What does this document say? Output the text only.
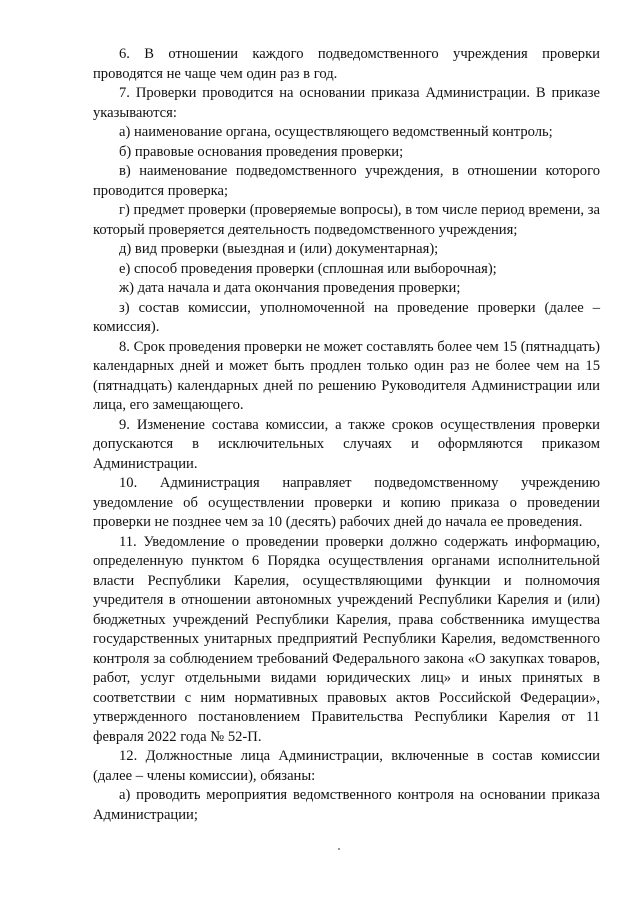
6. В отношении каждого подведомственного учреждения проверки проводятся не чаще чем один раз в год.

7. Проверки проводится на основании приказа Администрации. В приказе указываются:

а) наименование органа, осуществляющего ведомственный контроль;

б) правовые основания проведения проверки;

в) наименование подведомственного учреждения, в отношении которого проводится проверка;

г) предмет проверки (проверяемые вопросы), в том числе период времени, за который проверяется деятельность подведомственного учреждения;

д) вид проверки (выездная и (или) документарная);

е) способ проведения проверки (сплошная или выборочная);

ж) дата начала и дата окончания проведения проверки;

з) состав комиссии, уполномоченной на проведение проверки (далее – комиссия).

8. Срок проведения проверки не может составлять более чем 15 (пятнадцать) календарных дней и может быть продлен только один раз не более чем на 15 (пятнадцать) календарных дней по решению Руководителя Администрации или лица, его замещающего.

9. Изменение состава комиссии, а также сроков осуществления проверки допускаются в исключительных случаях и оформляются приказом Администрации.

10. Администрация направляет подведомственному учреждению уведомление об осуществлении проверки и копию приказа о проведении проверки не позднее чем за 10 (десять) рабочих дней до начала ее проведения.

11. Уведомление о проведении проверки должно содержать информацию, определенную пунктом 6 Порядка осуществления органами исполнительной власти Республики Карелия, осуществляющими функции и полномочия учредителя в отношении автономных учреждений Республики Карелия и (или) бюджетных учреждений Республики Карелия, права собственника имущества государственных унитарных предприятий Республики Карелия, ведомственного контроля за соблюдением требований Федерального закона «О закупках товаров, работ, услуг отдельными видами юридических лиц» и иных принятых в соответствии с ним нормативных правовых актов Российской Федерации», утвержденного постановлением Правительства Республики Карелия от 11 февраля 2022 года № 52-П.

12. Должностные лица Администрации, включенные в состав комиссии (далее – члены комиссии), обязаны:

а) проводить мероприятия ведомственного контроля на основании приказа Администрации;
